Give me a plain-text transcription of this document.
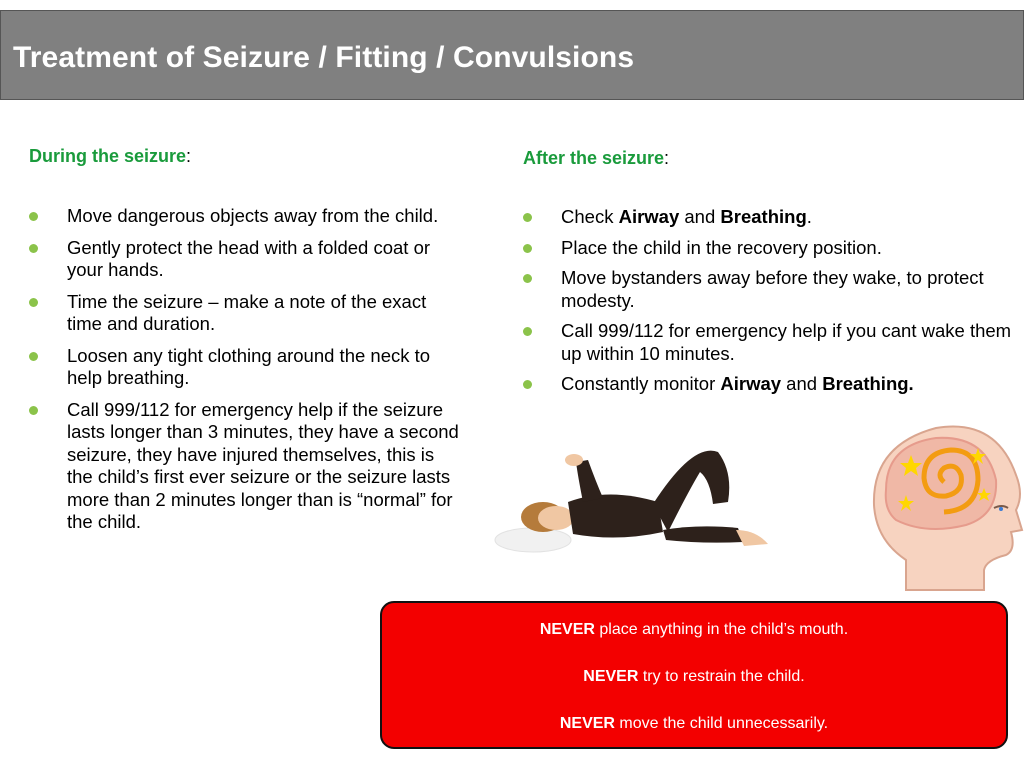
Treatment of Seizure / Fitting / Convulsions
During the seizure:
Move dangerous objects away from the child.
Gently protect the head with a folded coat or your hands.
Time the seizure – make a note of the exact time and duration.
Loosen any tight clothing around the neck to help breathing.
Call 999/112 for emergency help if the seizure lasts longer than 3 minutes, they have a second seizure, they have injured themselves, this is the child’s first ever seizure or the seizure lasts more than 2 minutes longer than is “normal” for the child.
After the seizure:
Check Airway and Breathing.
Place the child in the recovery position.
Move bystanders away before they wake, to protect modesty.
Call 999/112 for emergency help if you cant wake them up within 10 minutes.
Constantly monitor Airway and Breathing.

NEVER place anything in the child’s mouth.

NEVER try to restrain the child.

NEVER move the child unnecessarily.
